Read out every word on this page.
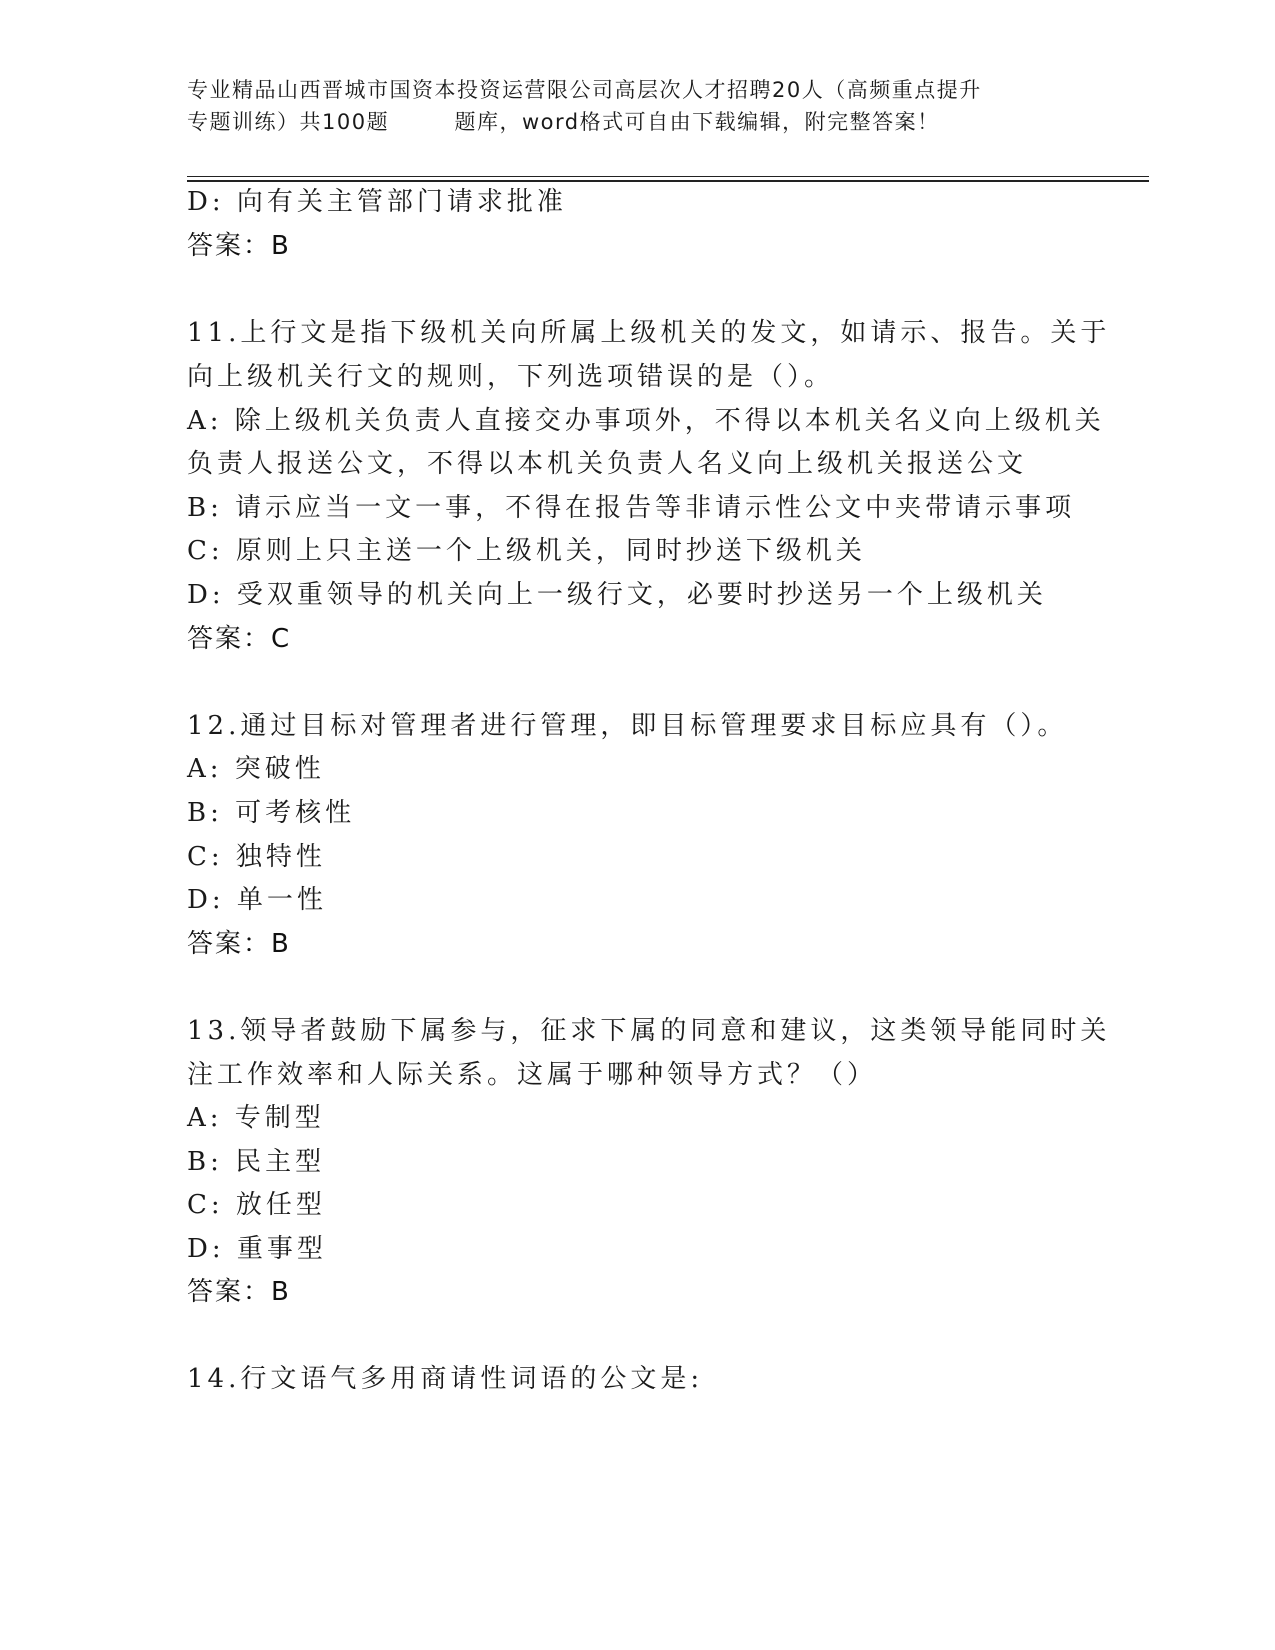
专业精品山西晋城市国资本投资运营限公司高层次人才招聘20人（高频重点提升
专题训练）共100题        题库，word格式可自由下载编辑，附完整答案！
D: 向有关主管部门请求批准
答案：B
11.上行文是指下级机关向所属上级机关的发文，如请示、报告。关于
向上级机关行文的规则，下列选项错误的是（）。
A: 除上级机关负责人直接交办事项外，不得以本机关名义向上级机关
负责人报送公文，不得以本机关负责人名义向上级机关报送公文
B: 请示应当一文一事，不得在报告等非请示性公文中夹带请示事项
C: 原则上只主送一个上级机关，同时抄送下级机关
D: 受双重领导的机关向上一级行文，必要时抄送另一个上级机关
答案：C
12.通过目标对管理者进行管理，即目标管理要求目标应具有（）。
A: 突破性
B: 可考核性
C: 独特性
D: 单一性
答案：B
13.领导者鼓励下属参与，征求下属的同意和建议，这类领导能同时关
注工作效率和人际关系。这属于哪种领导方式？（）
A: 专制型
B: 民主型
C: 放任型
D: 重事型
答案：B
14.行文语气多用商请性词语的公文是:
